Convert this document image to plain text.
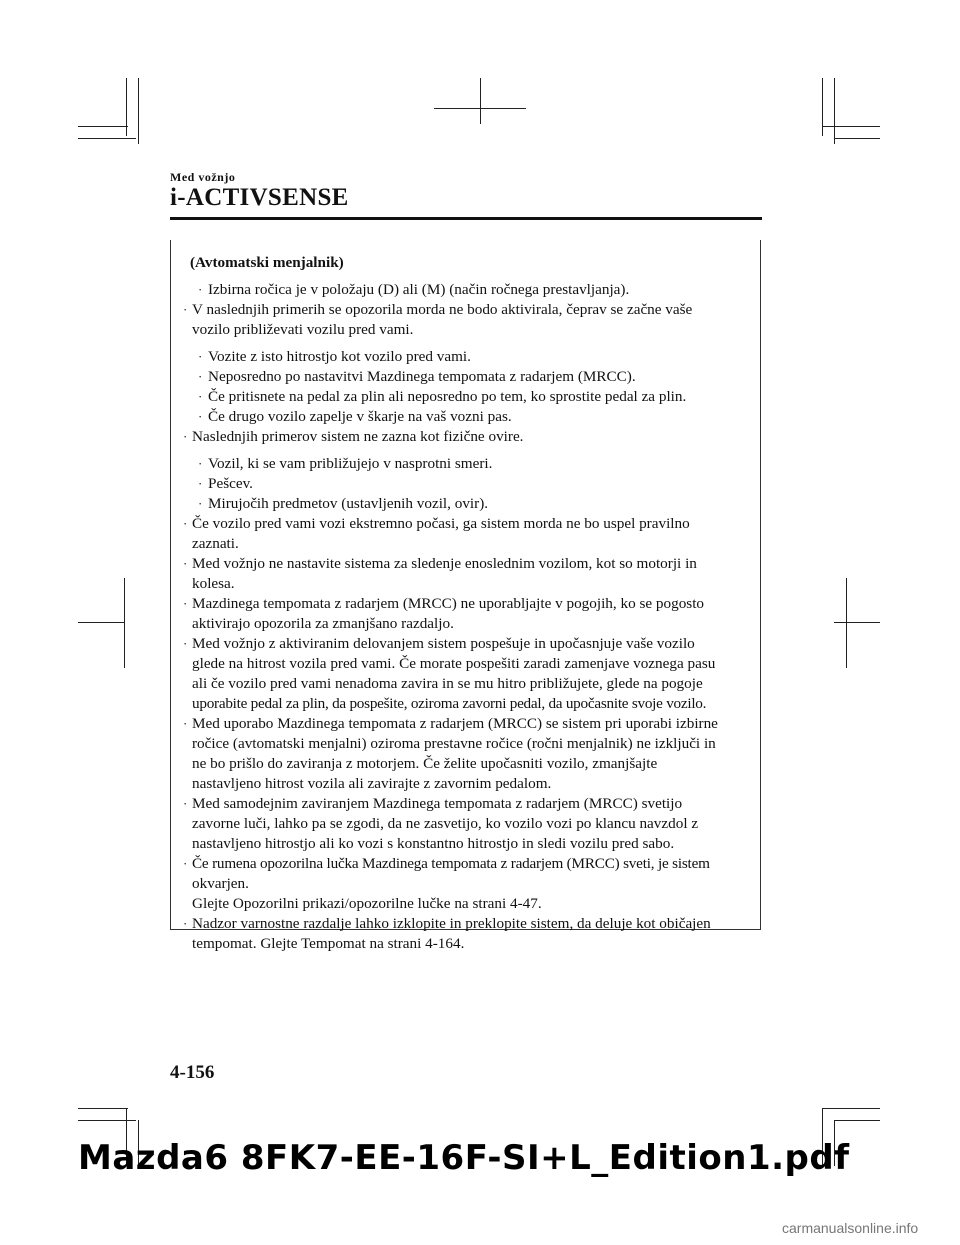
Med vožnjo
i-ACTIVSENSE
(Avtomatski menjalnik)
· Izbirna ročica je v položaju (D) ali (M) (način ročnega prestavljanja).
· V naslednjih primerih se opozorila morda ne bodo aktivirala, čeprav se začne vaše
vozilo približevati vozilu pred vami.
· Vozite z isto hitrostjo kot vozilo pred vami.
· Neposredno po nastavitvi Mazdinega tempomata z radarjem (MRCC).
· Če pritisnete na pedal za plin ali neposredno po tem, ko sprostite pedal za plin.
· Če drugo vozilo zapelje v škarje na vaš vozni pas.
· Naslednjih primerov sistem ne zazna kot fizične ovire.
· Vozil, ki se vam približujejo v nasprotni smeri.
· Pešcev.
· Mirujočih predmetov (ustavljenih vozil, ovir).
· Če vozilo pred vami vozi ekstremno počasi, ga sistem morda ne bo uspel pravilno
zaznati.
· Med vožnjo ne nastavite sistema za sledenje enoslednim vozilom, kot so motorji in
kolesa.
· Mazdinega tempomata z radarjem (MRCC) ne uporabljajte v pogojih, ko se pogosto
aktivirajo opozorila za zmanjšano razdaljo.
· Med vožnjo z aktiviranim delovanjem sistem pospešuje in upočasnjuje vaše vozilo
glede na hitrost vozila pred vami. Če morate pospešiti zaradi zamenjave voznega pasu
ali če vozilo pred vami nenadoma zavira in se mu hitro približujete, glede na pogoje
uporabite pedal za plin, da pospešite, oziroma zavorni pedal, da upočasnite svoje vozilo.
· Med uporabo Mazdinega tempomata z radarjem (MRCC) se sistem pri uporabi izbirne
ročice (avtomatski menjalni) oziroma prestavne ročice (ročni menjalnik) ne izklјuči in
ne bo prišlo do zaviranja z motorjem. Če želite upočasniti vozilo, zmanjšajte
nastavljeno hitrost vozila ali zavirajte z zavornim pedalom.
· Med samodejnim zaviranjem Mazdinega tempomata z radarjem (MRCC) svetijo
zavorne luči, lahko pa se zgodi, da ne zasvetijo, ko vozilo vozi po klancu navzdol z
nastavljeno hitrostjo ali ko vozi s konstantno hitrostjo in sledi vozilu pred sabo.
· Če rumena opozorilna lučka Mazdinega tempomata z radarjem (MRCC) sveti, je sistem
okvarjen.
Glejte Opozorilni prikazi/opozorilne lučke na strani 4-47.
· Nadzor varnostne razdalje lahko izklopite in preklopite sistem, da deluje kot običajen
tempomat. Glejte Tempomat na strani 4-164.
4-156
Mazda6 8FK7-EE-16F-SI+L_Edition1.pdf
carmanualsonline.info
